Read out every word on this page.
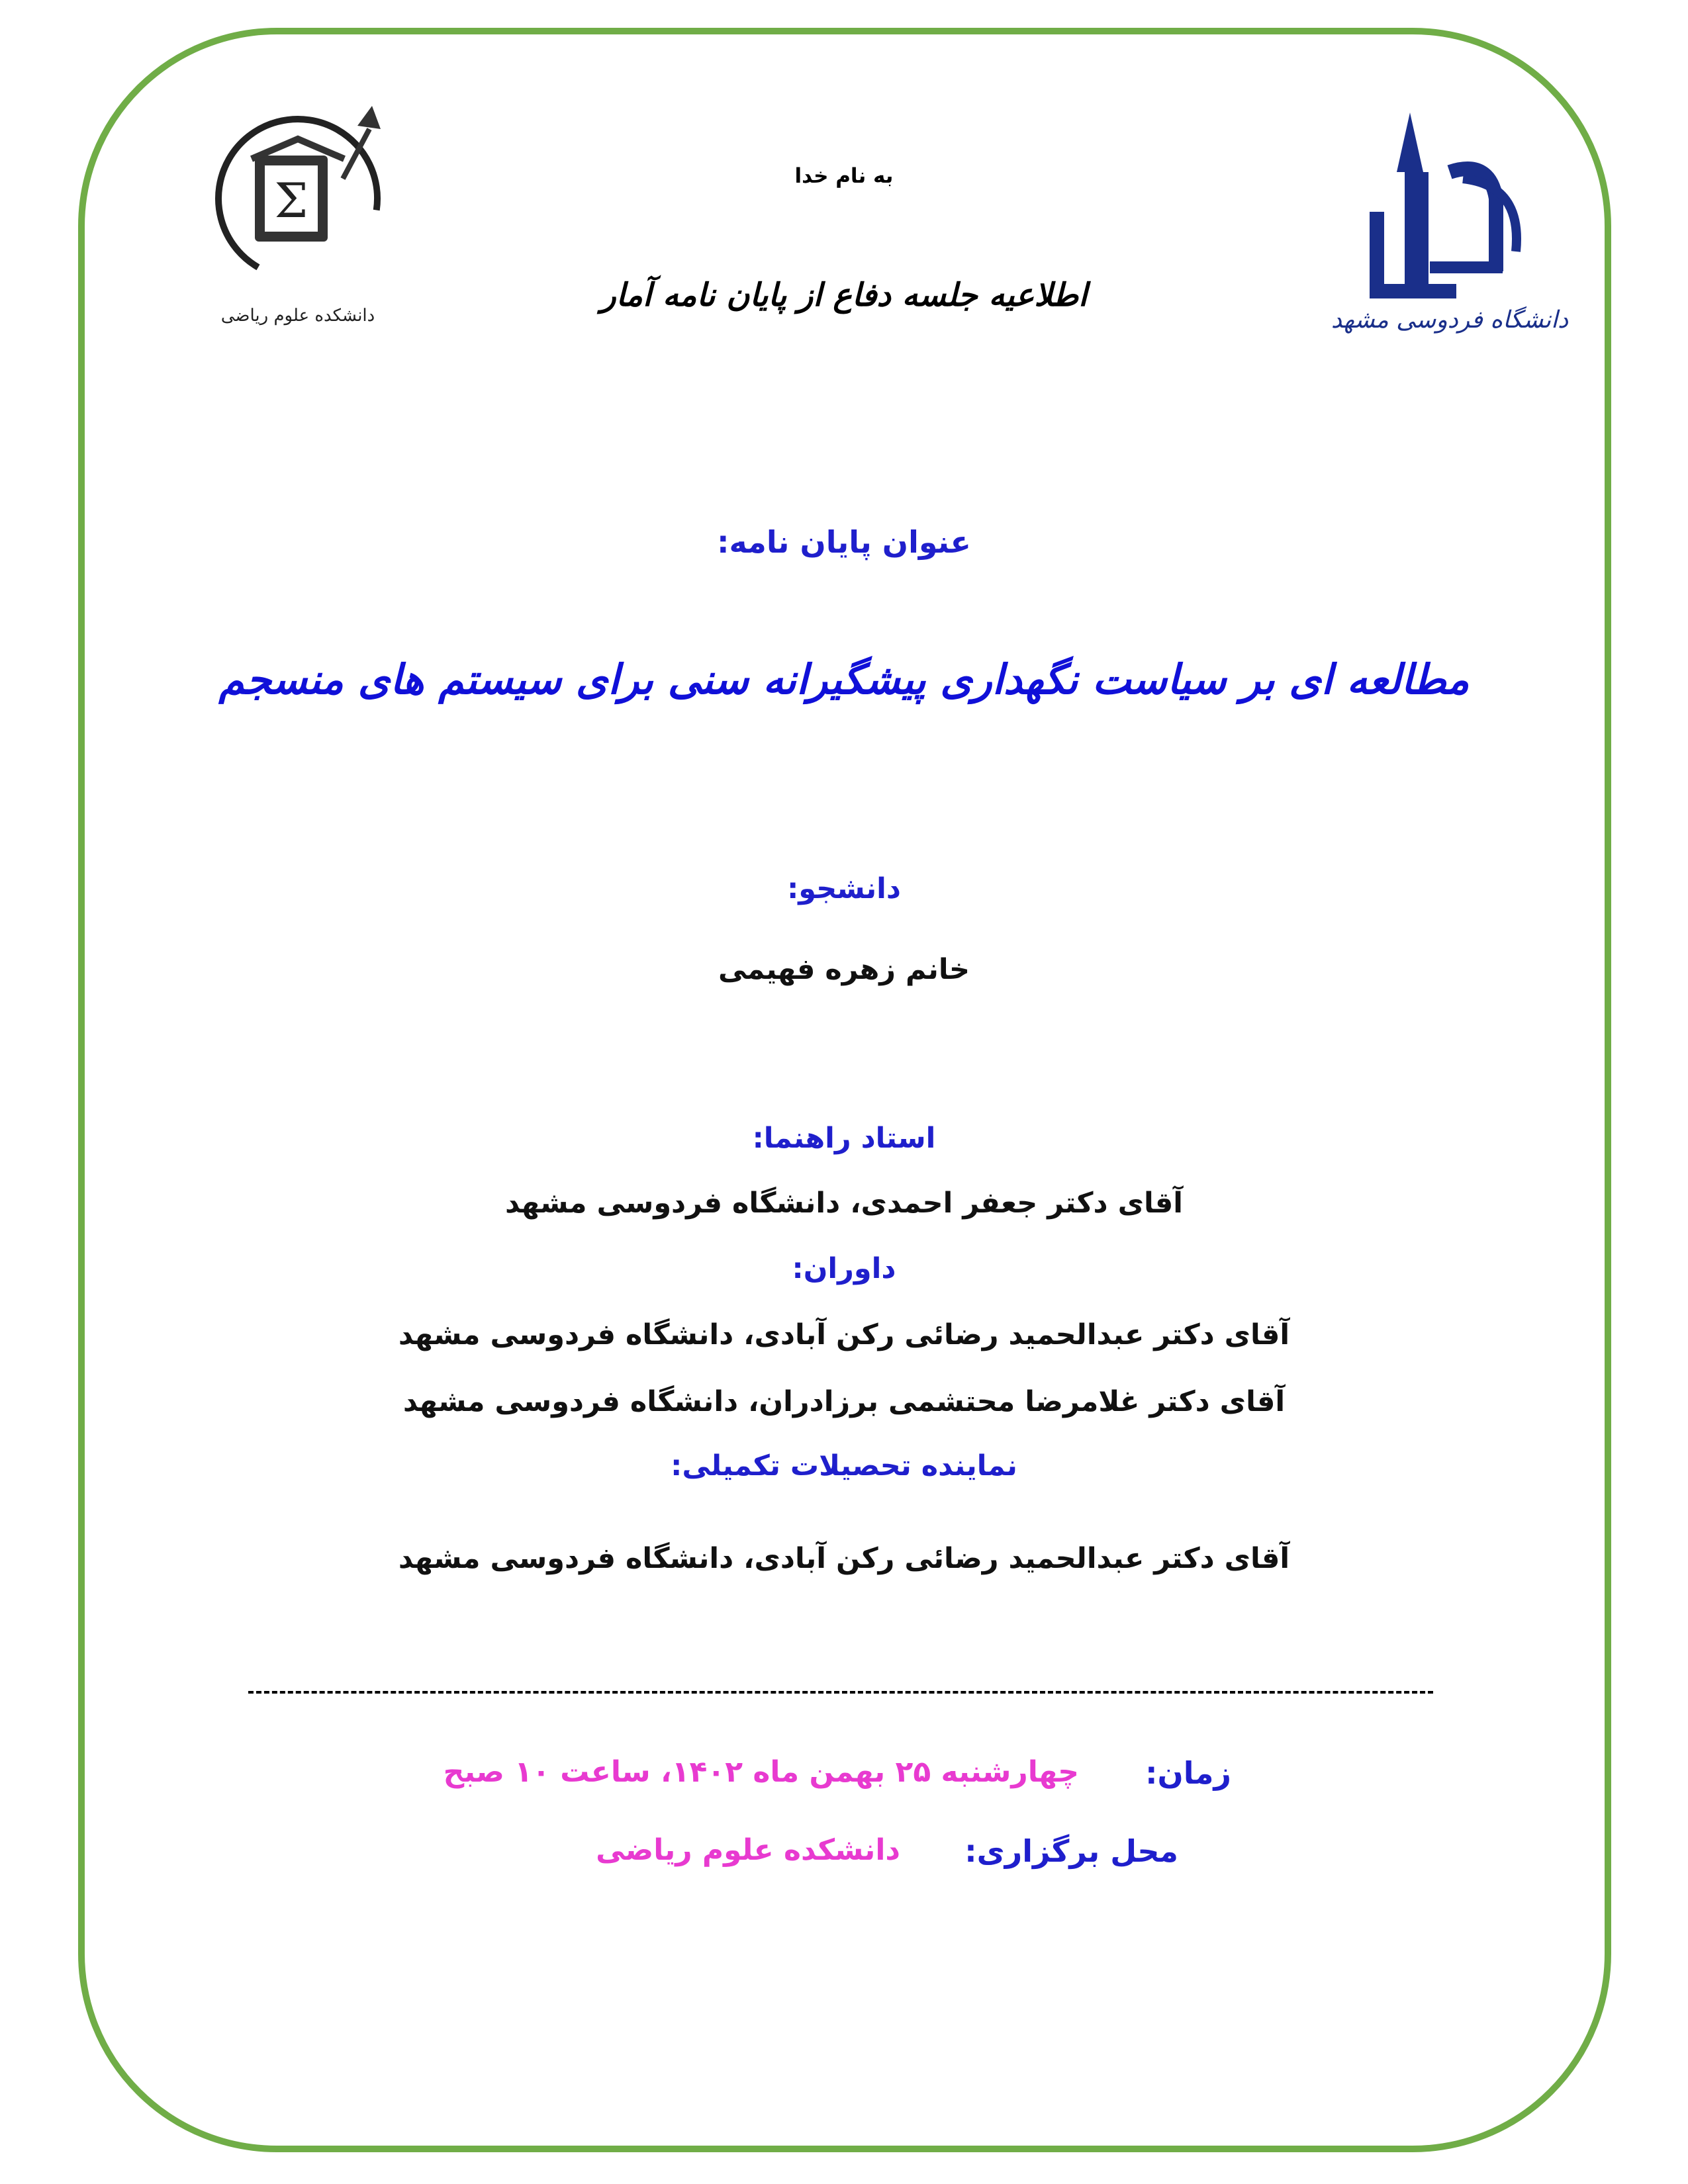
Σ
دانشکده علوم ریاضی	دانشگاه فردوسی مشهد
به نام خدا
اطلاعیه جلسه دفاع از پایان نامه آمار
عنوان پایان نامه:
مطالعه ای بر سیاست نگهداری پیشگیرانه سنی برای سیستم های منسجم
دانشجو:
خانم زهره فهیمی
استاد راهنما:
آقای دکتر جعفر احمدی، دانشگاه فردوسی مشهد
داوران:
آقای دکتر عبدالحمید رضائی رکن آبادی، دانشگاه فردوسی مشهد
آقای دکتر غلامرضا محتشمی برزادران، دانشگاه فردوسی مشهد
نماینده تحصیلات تکمیلی:
آقای دکتر عبدالحمید رضائی رکن آبادی، دانشگاه فردوسی مشهد
زمان:
چهارشنبه ۲۵ بهمن ماه ۱۴۰۲، ساعت ۱۰ صبح
محل برگزاری:
دانشکده علوم ریاضی
